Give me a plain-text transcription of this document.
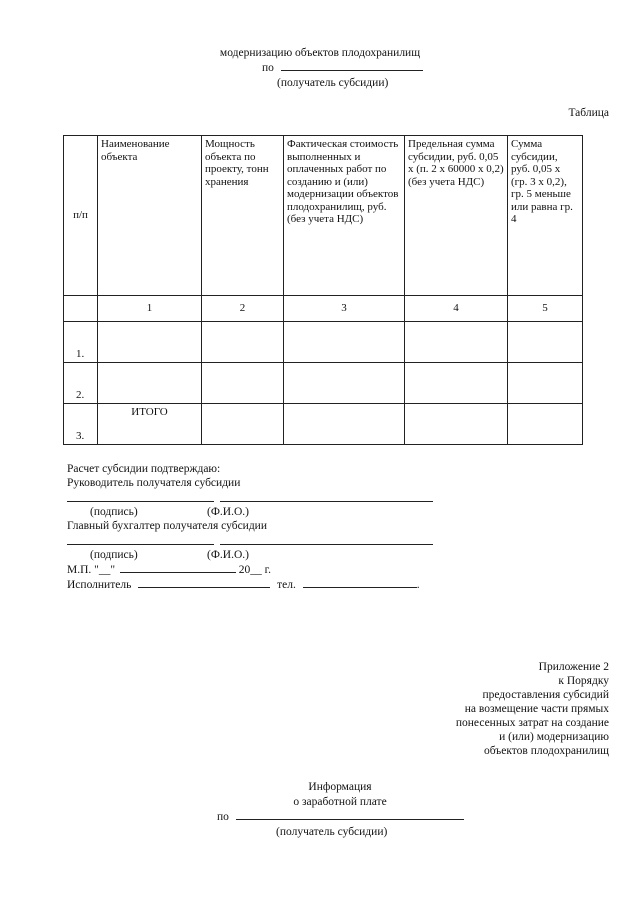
модернизацию объектов плодохранилищ
по
(получатель субсидии)
Таблица
п/п	Наименование объекта	Мощность объекта по проекту, тонн хранения	Фактическая стоимость выполненных и оплаченных работ по созданию и (или) модернизации объектов плодохранилищ, руб. (без учета НДС)	Предельная сумма субсидии, руб. 0,05 х (п. 2 х 60000 х 0,2) (без учета НДС)	Сумма субсидии, руб. 0,05 х (гр. 3 х 0,2), гр. 5 меньше или равна гр. 4
	1	2	3	4	5
1.					
2.					
3.	ИТОГО				
Расчет субсидии подтверждаю:
Руководитель получателя субсидии

(подпись)	(Ф.И.О.)
Главный бухгалтер получателя субсидии

(подпись)	(Ф.И.О.)
М.П. "__"	20__ г.
Исполнитель	тел.	.
Приложение 2
к Порядку
предоставления субсидий
на возмещение части прямых
понесенных затрат на создание
и (или) модернизацию
объектов плодохранилищ
Информация
о заработной плате
по
(получатель субсидии)
